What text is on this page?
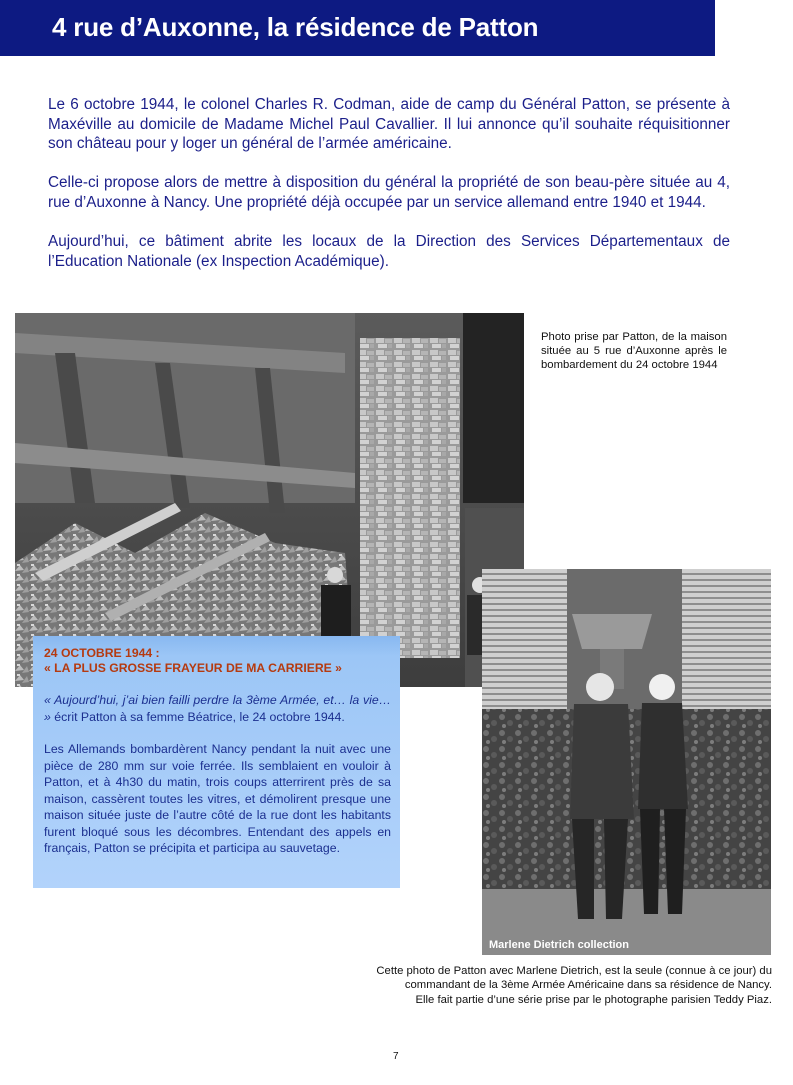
4 rue d’Auxonne, la résidence de Patton

Le 6 octobre 1944, le colonel Charles R. Codman, aide de camp du Général Patton, se présente à Maxéville au domicile de Madame Michel Paul Cavallier. Il lui annonce qu’il souhaite réquisitionner son château pour y loger un général de l’armée américaine.

Celle-ci propose alors de mettre à disposition du général la propriété de son beau-père située au 4, rue d’Auxonne à Nancy. Une propriété déjà occupée par un service allemand entre 1940 et 1944.

Aujourd’hui, ce bâtiment abrite les locaux de la Direction des Services Départementaux de l’Education Nationale (ex Inspection Académique).

Photo prise par Patton, de la maison située au 5 rue d’Auxonne après le bombardement du 24 octobre 1944

Marlene Dietrich collection

24 OCTOBRE 1944 :
« LA PLUS GROSSE FRAYEUR DE MA CARRIERE »

« Aujourd’hui, j’ai bien failli perdre la 3ème Armée, et… la vie… » écrit Patton à sa femme Béatrice, le 24 octobre 1944.

Les Allemands bombardèrent Nancy pendant la nuit avec une pièce de 280 mm sur voie ferrée. Ils semblaient en vouloir à Patton, et à 4h30 du matin, trois coups atterrirent près de sa maison, cassèrent toutes les vitres, et démolirent presque une maison située juste de l’autre côté de la rue dont les habitants furent bloqué sous les décombres. Entendant des appels en français, Patton se précipita et participa au sauvetage.

Cette photo de Patton avec Marlene Dietrich, est la seule (connue à ce jour) du
commandant de la 3ème Armée Américaine dans sa résidence de Nancy.
Elle fait partie d’une série prise par le photographe parisien Teddy Piaz.

7
